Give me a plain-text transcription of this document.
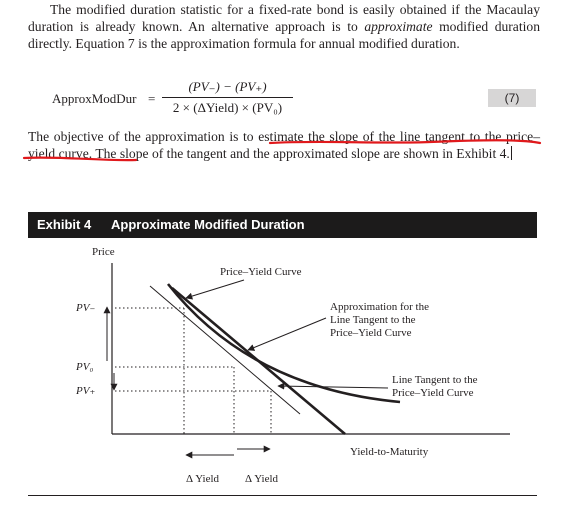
The modified duration statistic for a fixed-rate bond is easily obtained if the Macaulay duration is already known. An alternative approach is to approximate modified duration directly. Equation 7 is the approximation formula for annual modified duration.

ApproxModDur =
(PV₋) − (PV₊)
2 × (ΔYield) × (PV₀)
(7)

The objective of the approximation is to estimate the slope of the line tangent to the price–yield curve. The slope of the tangent and the approximated slope are shown in Exhibit 4.

Exhibit 4 Approximate Modified Duration
Price
PV₋
PV₀
PV₊
Price–Yield Curve
Approximation for the Line Tangent to the Price–Yield Curve
Line Tangent to the Price–Yield Curve
Yield-to-Maturity
Δ Yield Δ Yield
